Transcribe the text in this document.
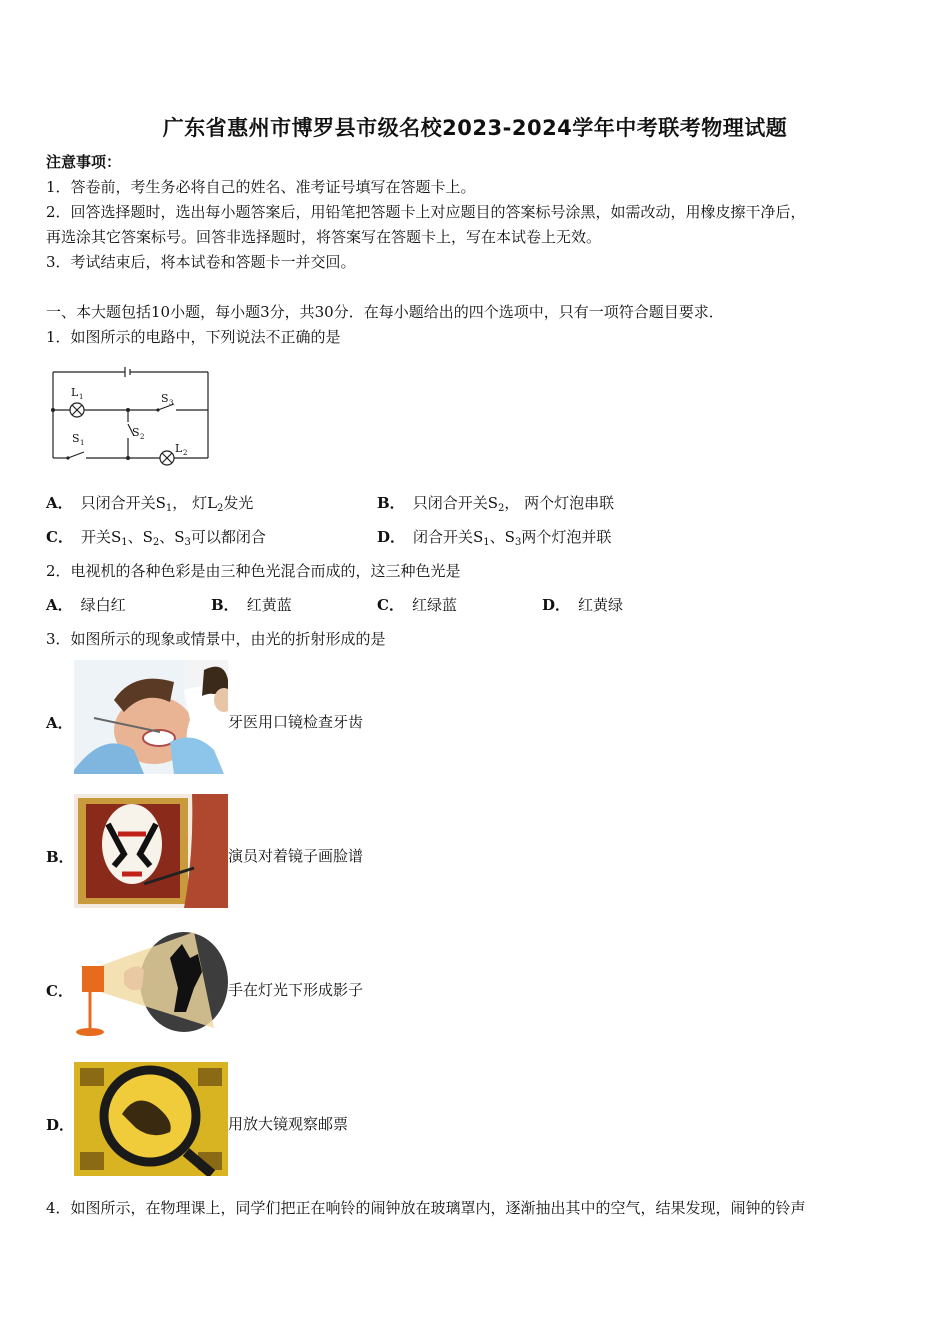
广东省惠州市博罗县市级名校2023-2024学年中考联考物理试题
注意事项：
1．答卷前，考生务必将自己的姓名、准考证号填写在答题卡上。
2．回答选择题时，选出每小题答案后，用铅笔把答题卡上对应题目的答案标号涂黑，如需改动，用橡皮擦干净后，
再选涂其它答案标号。回答非选择题时，将答案写在答题卡上，写在本试卷上无效。
3．考试结束后，将本试卷和答题卡一并交回。
一、本大题包括10小题，每小题3分，共30分．在每小题给出的四个选项中，只有一项符合题目要求．
1．如图所示的电路中，下列说法不正确的是
L 1	S 3
S 2
S 1	L 2
A． 只闭合开关$S_1$， 灯$L_2$发光	B． 只闭合开关$S_2$， 两个灯泡串联
C． 开关$S_1$、$S_2$、$S_3$可以都闭合	D． 闭合开关$S_1$、$S_3$两个灯泡并联
2．电视机的各种色彩是由三种色光混合而成的，这三种色光是
A． 绿白红	B． 红黄蓝	C． 红绿蓝	D． 红黄绿
3．如图所示的现象或情景中，由光的折射形成的是
A．	牙医用口镜检查牙齿
B．	演员对着镜子画脸谱
C．	手在灯光下形成影子
D．	用放大镜观察邮票
4．如图所示，在物理课上，同学们把正在响铃的闹钟放在玻璃罩内，逐渐抽出其中的空气，结果发现，闹钟的铃声
